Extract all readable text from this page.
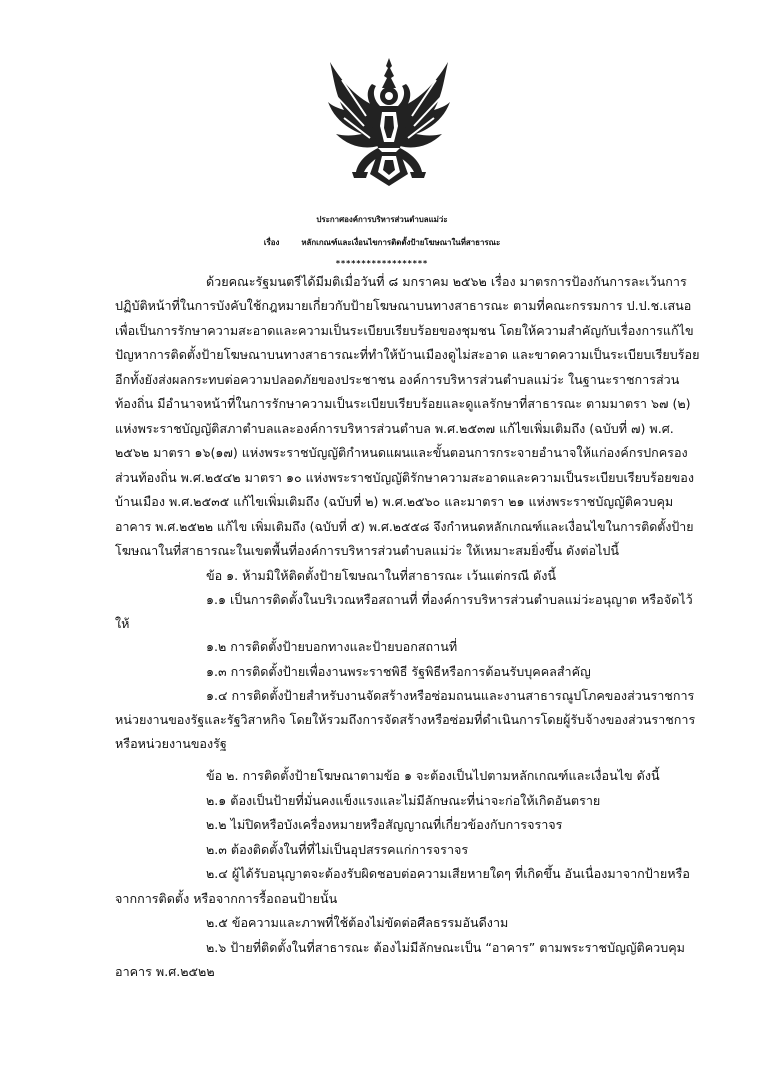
ประกาศองค์การบริหารส่วนตำบลแม่ว่ะ
เรื่อง	หลักเกณฑ์และเงื่อนไขการติดตั้งป้ายโฆษณาในที่สาธารณะ
******************
ด้วยคณะรัฐมนตรีได้มีมติเมื่อวันที่ ๘ มกราคม ๒๕๖๒ เรื่อง มาตรการป้องกันการละเว้นการ
ปฏิบัติหน้าที่ในการบังคับใช้กฎหมายเกี่ยวกับป้ายโฆษณาบนทางสาธารณะ ตามที่คณะกรรมการ ป.ป.ช.เสนอ
เพื่อเป็นการรักษาความสะอาดและความเป็นระเบียบเรียบร้อยของชุมชน โดยให้ความสำคัญกับเรื่องการแก้ไข
ปัญหาการติดตั้งป้ายโฆษณาบนทางสาธารณะที่ทำให้บ้านเมืองดูไม่สะอาด และขาดความเป็นระเบียบเรียบร้อย
อีกทั้งยังส่งผลกระทบต่อความปลอดภัยของประชาชน องค์การบริหารส่วนตำบลแม่ว่ะ ในฐานะราชการส่วน
ท้องถิ่น มีอำนาจหน้าที่ในการรักษาความเป็นระเบียบเรียบร้อยและดูแลรักษาที่สาธารณะ ตามมาตรา ๖๗ (๒)
แห่งพระราชบัญญัติสภาตำบลและองค์การบริหารส่วนตำบล พ.ศ.๒๕๓๗ แก้ไขเพิ่มเติมถึง (ฉบับที่ ๗) พ.ศ.
๒๕๖๒ มาตรา ๑๖(๑๗) แห่งพระราชบัญญัติกำหนดแผนและขั้นตอนการกระจายอำนาจให้แก่องค์กรปกครอง
ส่วนท้องถิ่น พ.ศ.๒๕๔๒ มาตรา ๑๐ แห่งพระราชบัญญัติรักษาความสะอาดและความเป็นระเบียบเรียบร้อยของ
บ้านเมือง พ.ศ.๒๕๓๕ แก้ไขเพิ่มเติมถึง (ฉบับที่ ๒) พ.ศ.๒๕๖๐ และมาตรา ๒๑ แห่งพระราชบัญญัติควบคุม
อาคาร พ.ศ.๒๕๒๒ แก้ไข เพิ่มเติมถึง (ฉบับที่ ๕) พ.ศ.๒๕๕๘ จึงกำหนดหลักเกณฑ์และเงื่อนไขในการติดตั้งป้าย
โฆษณาในที่สาธารณะในเขตพื้นที่องค์การบริหารส่วนตำบลแม่ว่ะ ให้เหมาะสมยิ่งขึ้น ดังต่อไปนี้
ข้อ ๑. ห้ามมิให้ติดตั้งป้ายโฆษณาในที่สาธารณะ เว้นแต่กรณี ดังนี้
๑.๑ เป็นการติดตั้งในบริเวณหรือสถานที่ ที่องค์การบริหารส่วนตำบลแม่ว่ะอนุญาต หรือจัดไว้
ให้
๑.๒ การติดตั้งป้ายบอกทางและป้ายบอกสถานที่
๑.๓ การติดตั้งป้ายเพื่องานพระราชพิธี รัฐพิธีหรือการต้อนรับบุคคลสำคัญ
๑.๔ การติดตั้งป้ายสำหรับงานจัดสร้างหรือซ่อมถนนและงานสาธารณูปโภคของส่วนราชการ
หน่วยงานของรัฐและรัฐวิสาหกิจ โดยให้รวมถึงการจัดสร้างหรือซ่อมที่ดำเนินการโดยผู้รับจ้างของส่วนราชการ
หรือหน่วยงานของรัฐ
ข้อ ๒. การติดตั้งป้ายโฆษณาตามข้อ ๑ จะต้องเป็นไปตามหลักเกณฑ์และเงื่อนไข ดังนี้
๒.๑ ต้องเป็นป้ายที่มั่นคงแข็งแรงและไม่มีลักษณะที่น่าจะก่อให้เกิดอันตราย
๒.๒ ไม่ปิดหรือบังเครื่องหมายหรือสัญญาณที่เกี่ยวข้องกับการจราจร
๒.๓ ต้องติดตั้งในที่ที่ไม่เป็นอุปสรรคแก่การจราจร
๒.๔ ผู้ได้รับอนุญาตจะต้องรับผิดชอบต่อความเสียหายใดๆ ที่เกิดขึ้น อันเนื่องมาจากป้ายหรือ
จากการติดตั้ง หรือจากการรื้อถอนป้ายนั้น
๒.๕ ข้อความและภาพที่ใช้ต้องไม่ขัดต่อศีลธรรมอันดีงาม
๒.๖ ป้ายที่ติดตั้งในที่สาธารณะ ต้องไม่มีลักษณะเป็น “อาคาร” ตามพระราชบัญญัติควบคุม
อาคาร พ.ศ.๒๕๒๒
